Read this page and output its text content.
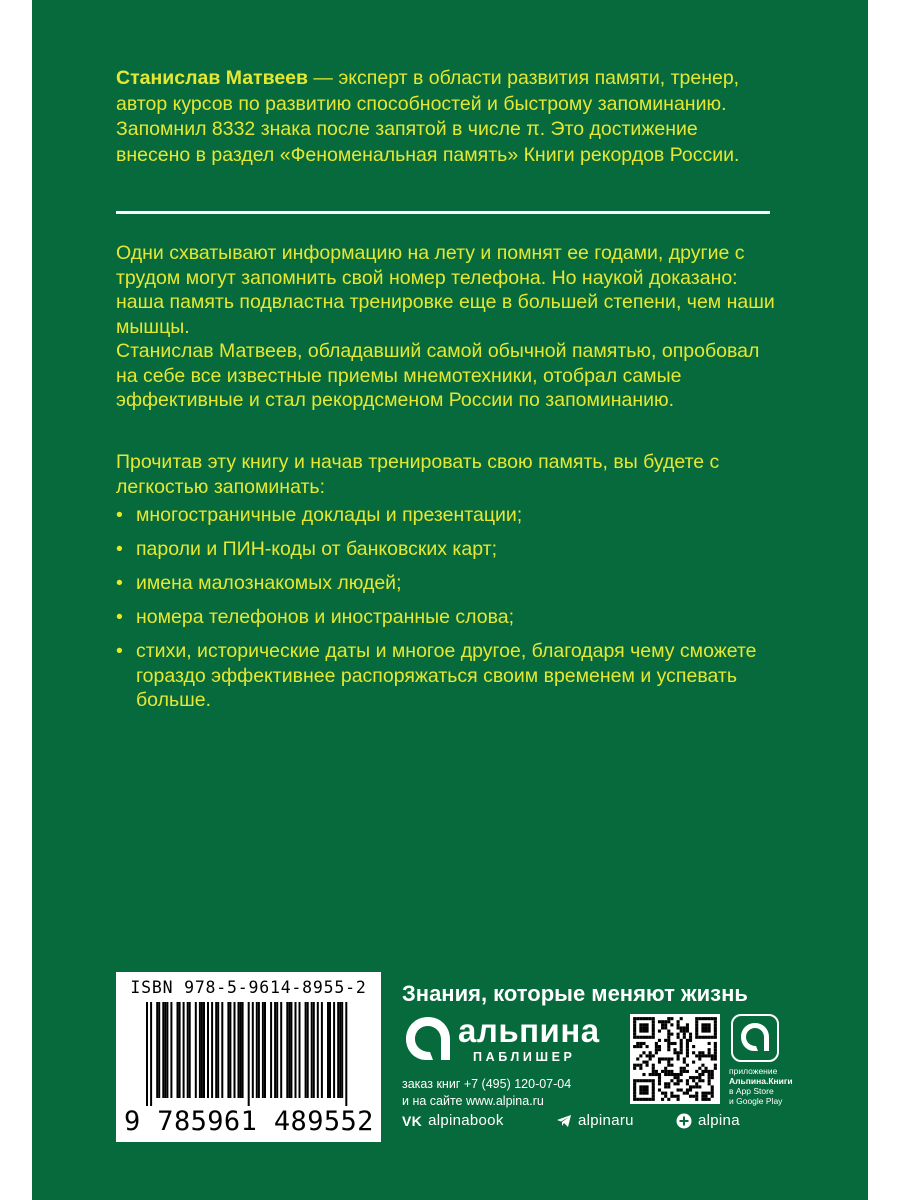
Станислав Матвеев — эксперт в области развития памяти, тренер, автор курсов по развитию способностей и быстрому запоминанию. Запомнил 8332 знака после запятой в числе π. Это достижение внесено в раздел «Феноменальная память» Книги рекордов России.

Одни схватывают информацию на лету и помнят ее годами, другие с трудом могут запомнить свой номер телефона. Но наукой доказано: наша память подвластна тренировке еще в большей степени, чем наши мышцы.

Станислав Матвеев, обладавший самой обычной памятью, опробовал на себе все известные приемы мнемотехники, отобрал самые эффективные и стал рекордсменом России по запоминанию.

Прочитав эту книгу и начав тренировать свою память, вы будете с легкостью запоминать:

• многостраничные доклады и презентации;
• пароли и ПИН-коды от банковских карт;
• имена малознакомых людей;
• номера телефонов и иностранные слова;
• стихи, исторические даты и многое другое, благодаря чему сможете гораздо эффективнее распоряжаться своим временем и успевать больше.
ISBN 978-5-9614-8955-2
9 785961 489552
Знания, которые меняют жизнь
альпина
ПАБЛИШЕР
заказ книг +7 (495) 120-07-04
и на сайте www.alpina.ru
приложение
Альпина.Книги
в App Store
и Google Play
VK alpinabook	alpinaru	alpina
